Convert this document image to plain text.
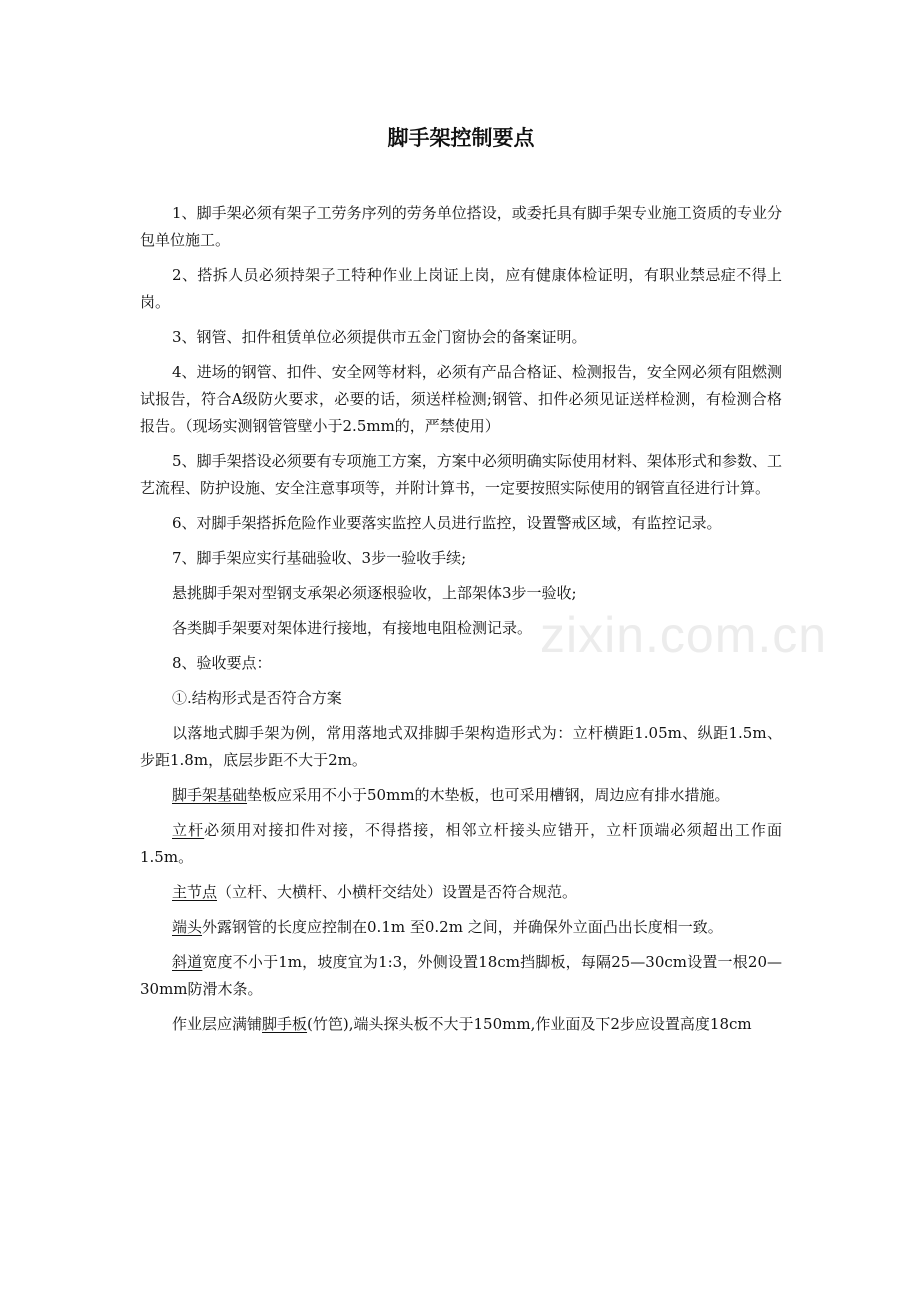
zixin.com.cn
脚手架控制要点

1、脚手架必须有架子工劳务序列的劳务单位搭设，或委托具有脚手架专业施工资质的专业分包单位施工。

2、搭拆人员必须持架子工特种作业上岗证上岗，应有健康体检证明，有职业禁忌症不得上岗。

3、钢管、扣件租赁单位必须提供市五金门窗协会的备案证明。

4、进场的钢管、扣件、安全网等材料，必须有产品合格证、检测报告，安全网必须有阻燃测试报告，符合A级防火要求，必要的话，须送样检测;钢管、扣件必须见证送样检测，有检测合格报告。（现场实测钢管管壁小于2.5mm的，严禁使用）

5、脚手架搭设必须要有专项施工方案，方案中必须明确实际使用材料、架体形式和参数、工艺流程、防护设施、安全注意事项等，并附计算书，一定要按照实际使用的钢管直径进行计算。

6、对脚手架搭拆危险作业要落实监控人员进行监控，设置警戒区域，有监控记录。

7、脚手架应实行基础验收、3步一验收手续;

悬挑脚手架对型钢支承架必须逐根验收，上部架体3步一验收;

各类脚手架要对架体进行接地，有接地电阻检测记录。

8、验收要点：

①.结构形式是否符合方案

以落地式脚手架为例，常用落地式双排脚手架构造形式为：立杆横距1.05m、纵距1.5m、步距1.8m，底层步距不大于2m。

脚手架基础垫板应采用不小于50mm的木垫板，也可采用槽钢，周边应有排水措施。

立杆必须用对接扣件对接，不得搭接，相邻立杆接头应错开，立杆顶端必须超出工作面1.5m。

主节点（立杆、大横杆、小横杆交结处）设置是否符合规范。

端头外露钢管的长度应控制在0.1m 至0.2m 之间，并确保外立面凸出长度相一致。

斜道宽度不小于1m，坡度宜为1:3，外侧设置18cm挡脚板，每隔25—30cm设置一根20—30mm防滑木条。

作业层应满铺脚手板(竹笆),端头探头板不大于150mm,作业面及下2步应设置高度18cm
